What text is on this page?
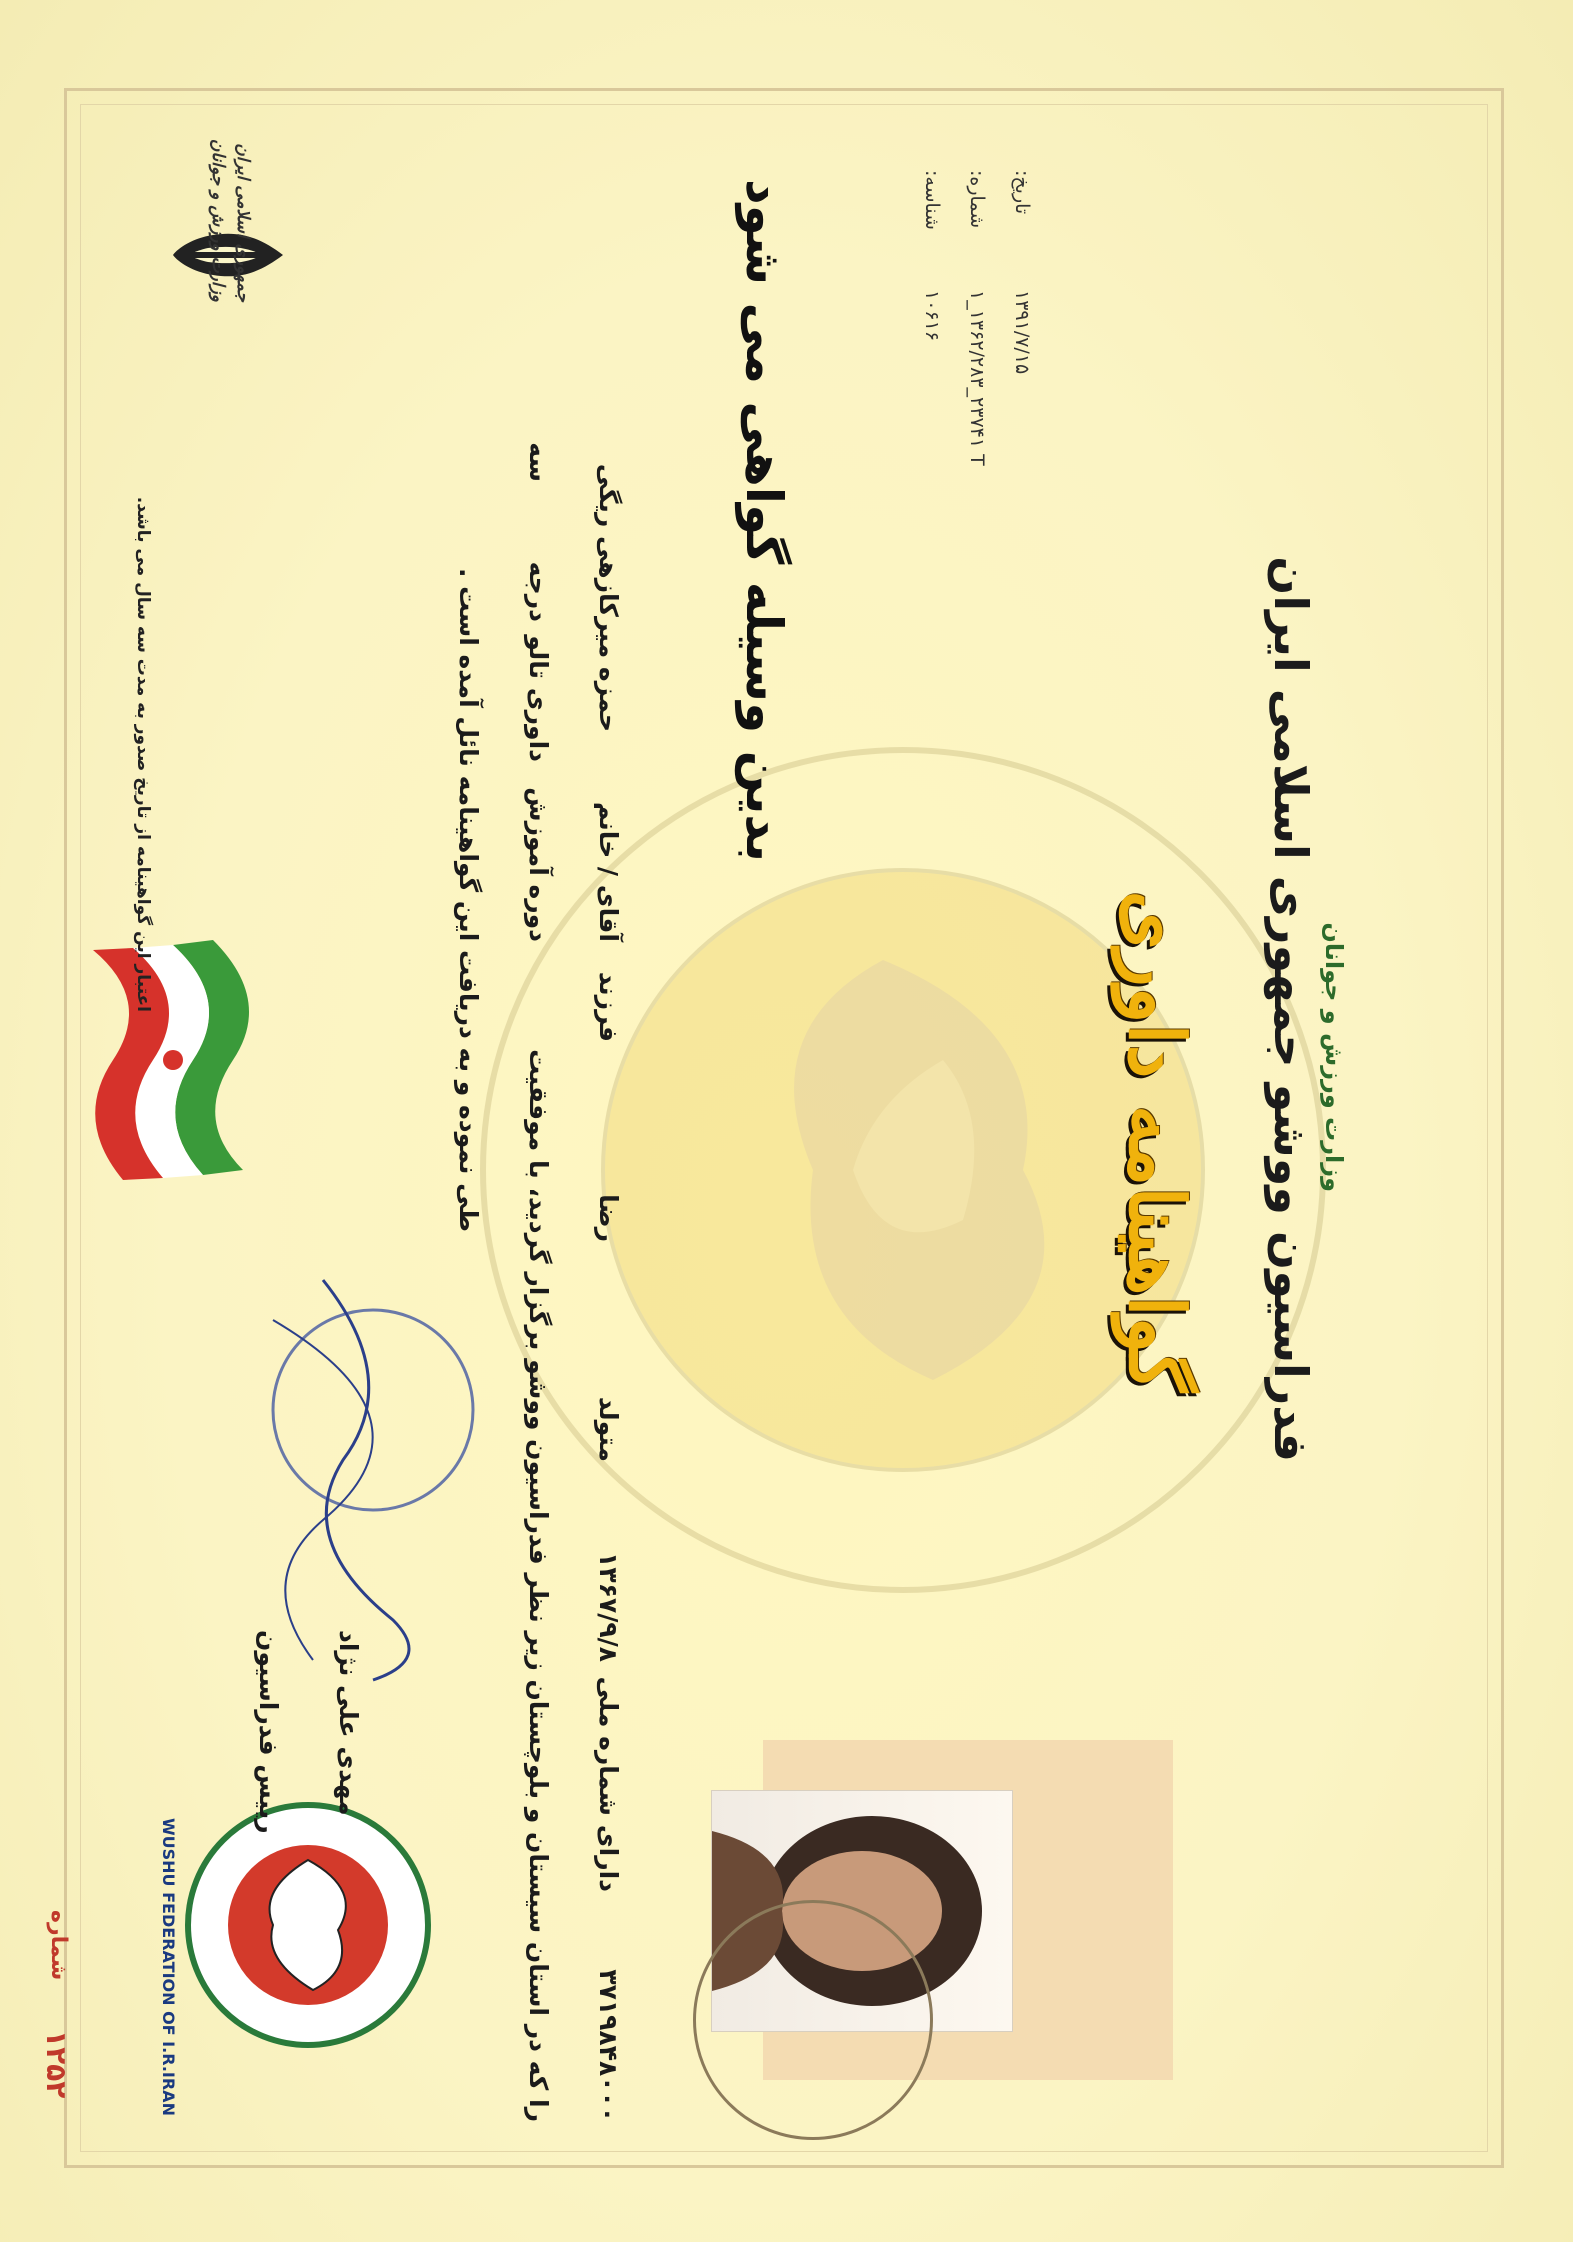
جمهوری اسلامی ایران
وزارت ورزش و جوانان
وزارت ورزش و جوانان
فدراسیون ووشو جمهوری اسلامی ایران
گواهینامه داوری
تاریخ:
۱۳۹۱/۷/۱۵
شماره:
۱_۱۳۶۲/۲۸۳_۲۳۷۴۱ T
شناسه:
۱۰۶۱۶
بدین وسیله گواهی می شود
آقای / خانم
حمزه میرکازهی ریگی
فرزند
رضا
متولد
۱۳۶۷/۹/۸
دارای شماره ملی
۳۷۱۹۸۴۸۰۰۰
دوره آموزش
داوری تالو
درجه
سه
را که در استان سیستان و بلوچستان زیر نظر فدراسیون ووشو برگزار گردید، با موفقیت
طی نموده و به دریافت این گواهینامه نائل آمده است .
اعتبار این گواهینامه از تاریخ صدور به مدت سه سال می باشد.
WUSHU FEDERATION OF I.R.IRAN
مهدی علی نژاد
رییس فدراسیون
۱۲۵۲
شماره
